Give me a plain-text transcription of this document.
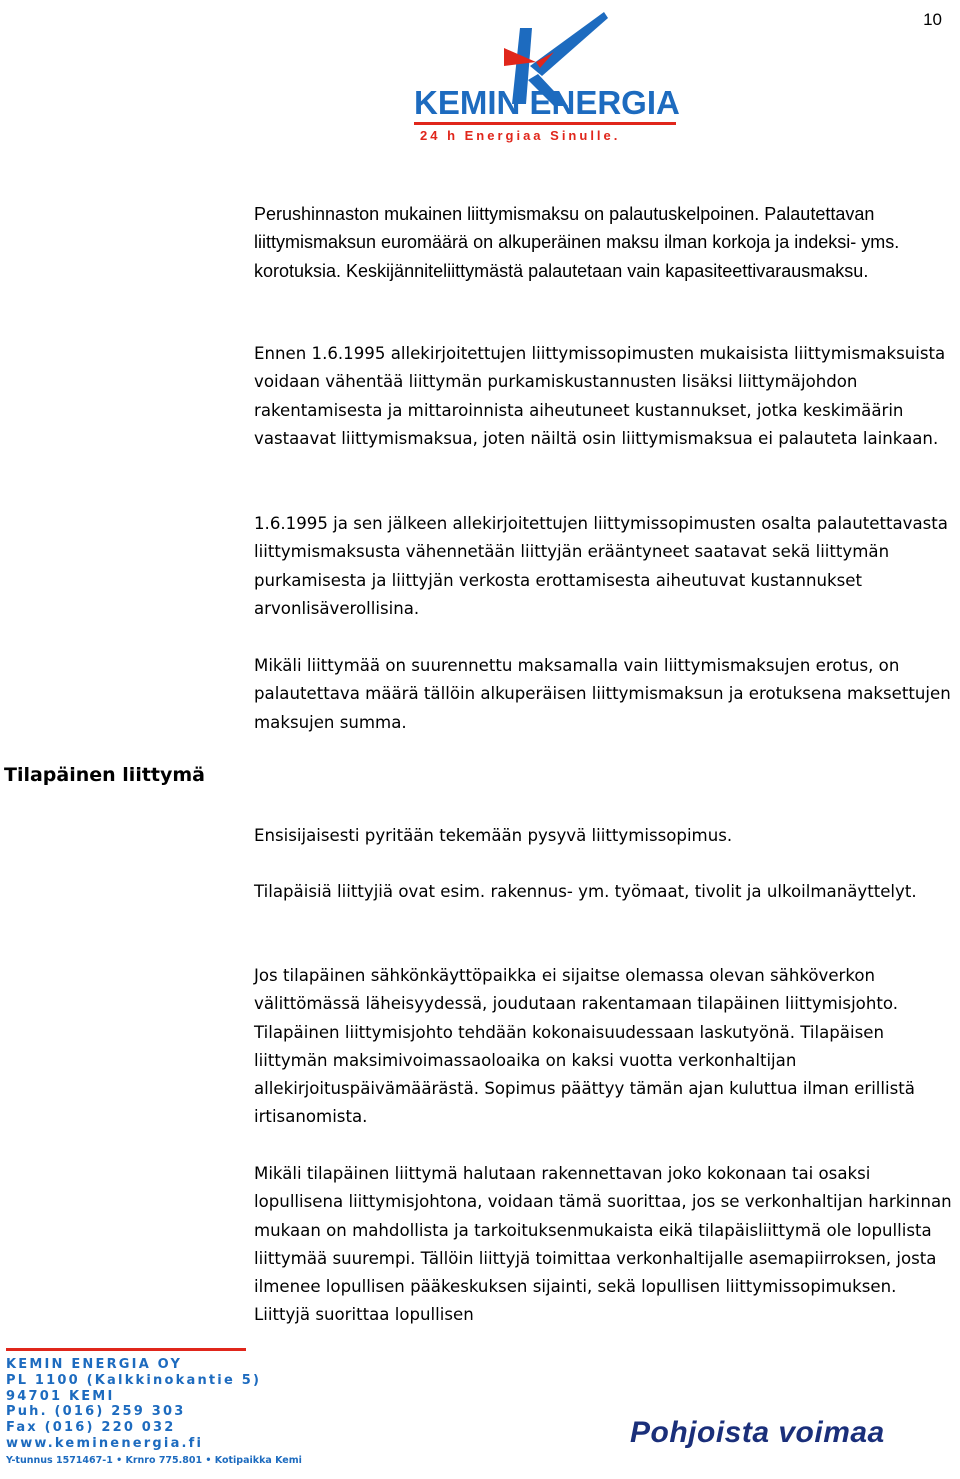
10
KEMIN ENERGIA
24 h Energiaa Sinulle.

Perushinnaston mukainen liittymismaksu on palautuskelpoinen. Palautettavan liittymismaksun euromäärä on alkuperäinen maksu ilman korkoja ja indeksi- yms. korotuksia. Keskijänniteliittymästä palautetaan vain kapasiteettivarausmaksu.

Ennen 1.6.1995 allekirjoitettujen liittymissopimusten mukaisista liittymismaksuista voidaan vähentää liittymän purkamiskustannusten lisäksi liittymäjohdon rakentamisesta ja mittaroinnista aiheutuneet kustannukset, jotka keskimäärin vastaavat liittymismaksua, joten näiltä osin liittymismaksua ei palauteta lainkaan.

1.6.1995 ja sen jälkeen allekirjoitettujen liittymissopimusten osalta palautettavasta liittymismaksusta vähennetään liittyjän erääntyneet saatavat sekä liittymän purkamisesta ja liittyjän verkosta erottamisesta aiheutuvat kustannukset arvonlisäverollisina.

Mikäli liittymää on suurennettu maksamalla vain liittymismaksujen erotus, on palautettava määrä tällöin alkuperäisen liittymismaksun ja erotuksena maksettujen maksujen summa.

Tilapäinen liittymä

Ensisijaisesti pyritään tekemään pysyvä liittymissopimus.

Tilapäisiä liittyjiä ovat esim. rakennus- ym. työmaat, tivolit ja ulkoilmanäyttelyt.

Jos tilapäinen sähkönkäyttöpaikka ei sijaitse olemassa olevan sähköverkon välittömässä läheisyydessä, joudutaan rakentamaan tilapäinen liittymisjohto. Tilapäinen liittymisjohto tehdään kokonaisuudessaan laskutyönä. Tilapäisen liittymän maksimivoimassaoloaika on kaksi vuotta verkonhaltijan allekirjoituspäivämäärästä. Sopimus päättyy tämän ajan kuluttua ilman erillistä irtisanomista.

Mikäli tilapäinen liittymä halutaan rakennettavan joko kokonaan tai osaksi lopullisena liittymisjohtona, voidaan tämä suorittaa, jos se verkonhaltijan harkinnan mukaan on mahdollista ja tarkoituksenmukaista eikä tilapäisliittymä ole lopullista liittymää suurempi. Tällöin liittyjä toimittaa verkonhaltijalle asemapiirroksen, josta ilmenee lopullisen pääkeskuksen sijainti, sekä lopullisen liittymissopimuksen. Liittyjä suorittaa lopullisen

KEMIN ENERGIA OY
PL 1100 (Kalkkinokantie 5)
94701 KEMI
Puh. (016) 259 303
Fax (016) 220 032
www.keminenergia.fi
Y-tunnus 1571467-1 • Krnro 775.801 • Kotipaikka Kemi
Pohjoista voimaa
